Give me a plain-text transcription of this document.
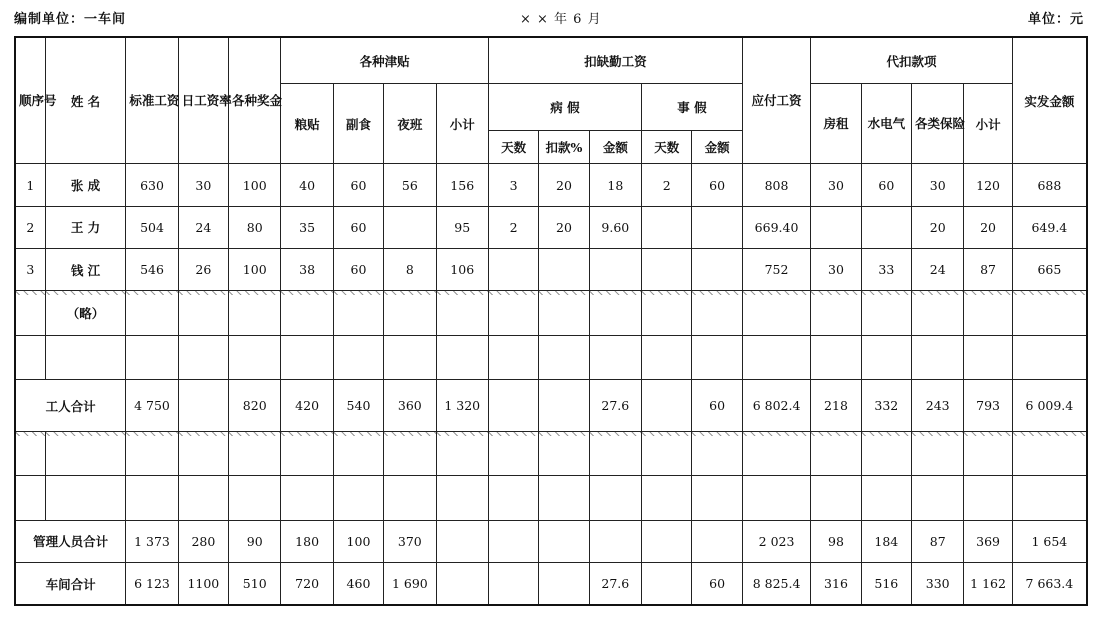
编制单位：一车间	× × 年 6 月	单位：元
顺序号	姓 名	标准工资	日工资率	各种奖金	各种津贴				扣缺勤工资					应付工资	代扣款项				实发金额
					粮贴	副食	夜班	小计	病 假			事 假			房租	水电气	各类保险	小计	
									天数	扣款%	金额	天数	金额						
1	张 成	630	30	100	40	60	56	156	3	20	18	2	60	808	30	60	30	120	688
2	王 力	504	24	80	35	60		95	2	20	9.60			669.40			20	20	649.4
3	钱 江	546	26	100	38	60	8	106						752	30	33	24	87	665
	（略）																		

工人合计		4 750		820	420	540	360	1 320			27.6		60	6 802.4	218	332	243	793	6 009.4

管理人员合计		1 373	280	90	180	100	370							2 023	98	184	87	369	1 654
车间合计		6 123	1100	510	720	460	1 690				27.6		60	8 825.4	316	516	330	1 162	7 663.4
